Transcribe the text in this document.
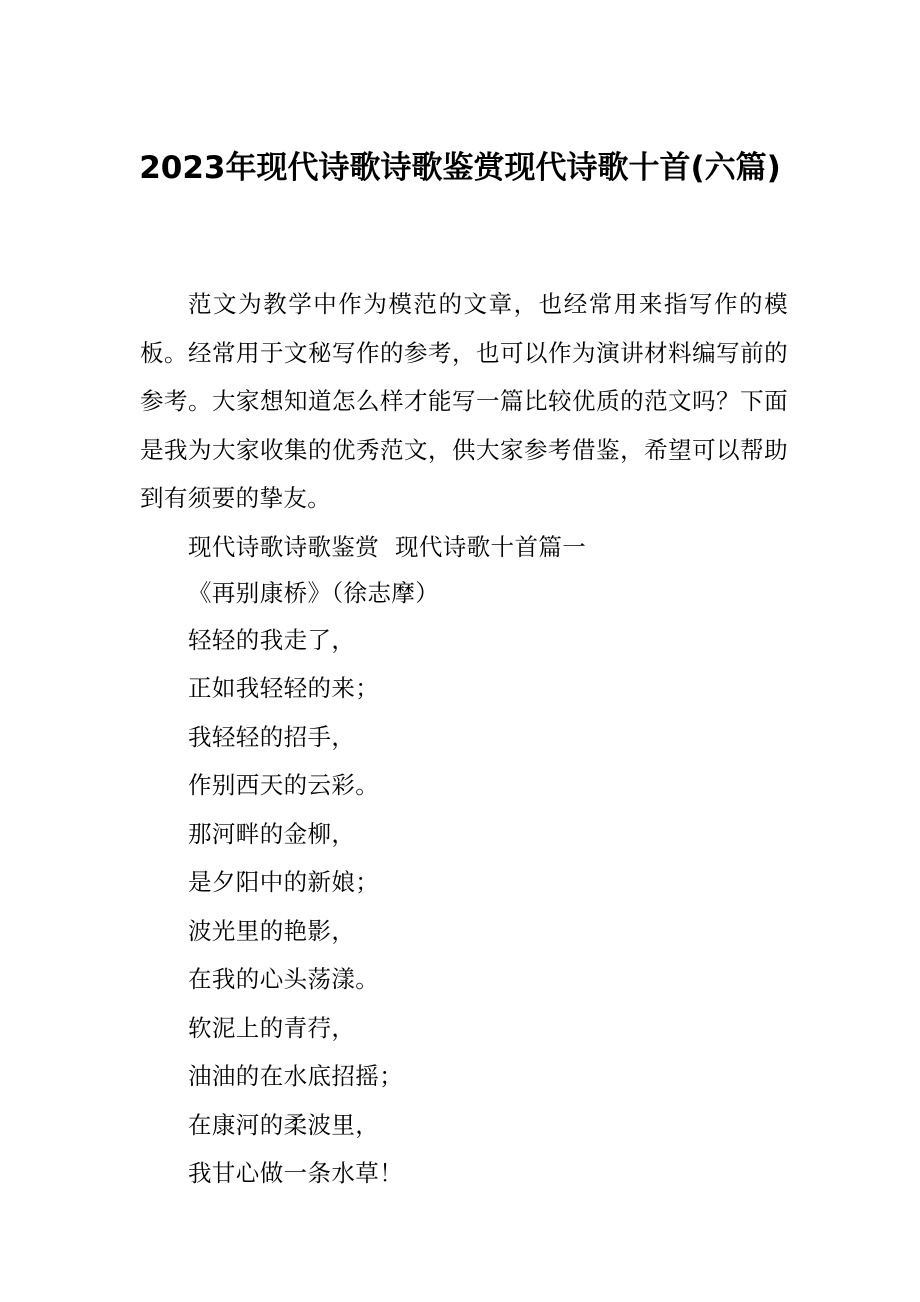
2023年现代诗歌诗歌鉴赏现代诗歌十首(六篇)

范文为教学中作为模范的文章，也经常用来指写作的模板。经常用于文秘写作的参考，也可以作为演讲材料编写前的参考。大家想知道怎么样才能写一篇比较优质的范文吗？下面是我为大家收集的优秀范文，供大家参考借鉴，希望可以帮助到有须要的挚友。

现代诗歌诗歌鉴赏  现代诗歌十首篇一

《再别康桥》（徐志摩）

轻轻的我走了，

正如我轻轻的来；

我轻轻的招手，

作别西天的云彩。

那河畔的金柳，

是夕阳中的新娘；

波光里的艳影，

在我的心头荡漾。

软泥上的青荇，

油油的在水底招摇；

在康河的柔波里，

我甘心做一条水草！
